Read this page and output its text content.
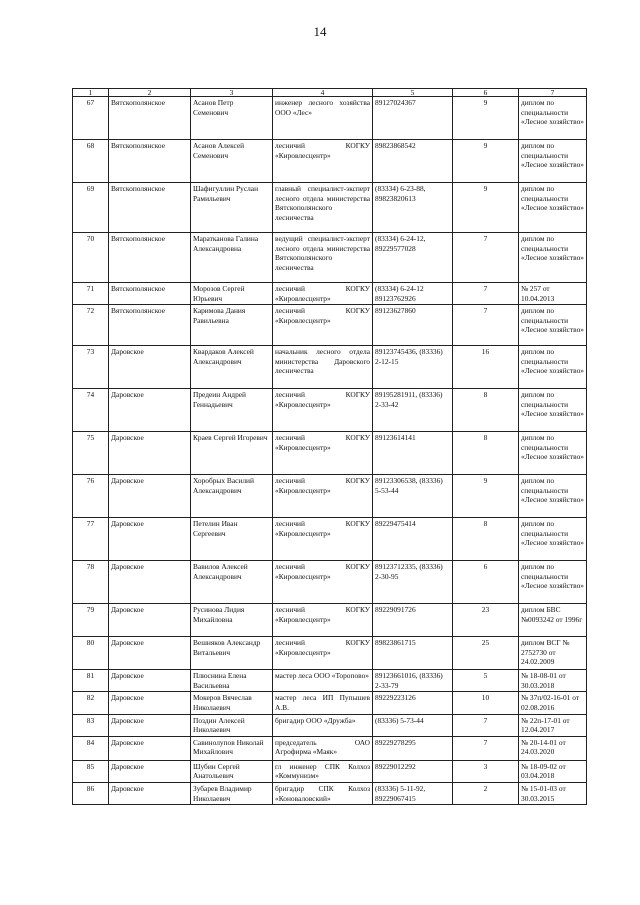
14
1	2	3	4	5	6	7
67	Вятскополянское	Асанов Петр Семенович	инженер лесного хозяйства ООО «Лес»	89127024367	9	диплом по специальности «Лесное хозяйство»
68	Вятскополянское	Асанов Алексей Семенович	лесничий КОГКУ «Кировлесцентр»	89823868542	9	диплом по специальности «Лесное хозяйство»
69	Вятскополянское	Шафигуллин Руслан Рамильевич	главный специалист-эксперт лесного отдела министерства Вятскополянского лесничества	(83334) 6-23-88, 89823820613	9	диплом по специальности «Лесное хозяйство»
70	Вятскополянское	Маратканова Галина Александровна	ведущий специалист-эксперт лесного отдела министерства Вятскополянского лесничества	(83334) 6-24-12, 89229577028	7	диплом по специальности «Лесное хозяйство»
71	Вятскополянское	Морозов Сергей Юрьевич	лесничий КОГКУ «Кировлесцентр»	(83334) 6-24-12 89123762926	7	№ 257 от 10.04.2013
72	Вятскополянское	Каримова Дания Равильевна	лесничий КОГКУ «Кировлесцентр»	89123627860	7	диплом по специальности «Лесное хозяйство»
73	Даровское	Квардаков Алексей Александрович	начальник лесного отдела министерства Даровского лесничества	89123745436, (83336) 2-12-15	16	диплом по специальности «Лесное хозяйство»
74	Даровское	Предеин Андрей Геннадьевич	лесничий КОГКУ «Кировлесцентр»	89195281911, (83336) 2-33-42	8	диплом по специальности «Лесное хозяйство»
75	Даровское	Краев Сергей Игоревич	лесничий КОГКУ «Кировлесцентр»	89123614141	8	диплом по специальности «Лесное хозяйство»
76	Даровское	Хоробрых Василий Александрович	лесничий КОГКУ «Кировлесцентр»	89123306538, (83336) 5-53-44	9	диплом по специальности «Лесное хозяйство»
77	Даровское	Петелин Иван Сергеевич	лесничий КОГКУ «Кировлесцентр»	89229475414	8	диплом по специальности «Лесное хозяйство»
78	Даровское	Вавилов Алексей Александрович	лесничий КОГКУ «Кировлесцентр»	89123712335, (83336) 2-30-95	6	диплом по специальности «Лесное хозяйство»
79	Даровское	Русинова Лидия Михайловна	лесничий КОГКУ «Кировлесцентр»	89229091726	23	диплом БВС №0093242 от 1996г
80	Даровское	Вешняков Александр Витальевич	лесничий КОГКУ «Кировлесцентр»	89823861715	25	диплом ВСГ № 2752730 от 24.02.2009
81	Даровское	Плюснина Елена Васильевна	мастер леса ООО «Торопово»	89123661016, (83336) 2-33-79	5	№ 18-08-01 от 30.03.2018
82	Даровское	Мокеров Вячеслав Николаевич	мастер леса ИП Пупышев А.В.	89229223126	10	№ 37п/02-16-01 от 02.08.2016
83	Даровское	Поздин Алексей Николаевич	бригадир ООО «Дружба»	(83336) 5-73-44	7	№ 22п-17-01 от 12.04.2017
84	Даровское	Савинолупов Николай Михайлович	председатель ОАО Агрофирма «Маяк»	89229278295	7	№ 20-14-01 от 24.03.2020
85	Даровское	Шубин Сергей Анатольевич	гл инженер СПК Колхоз «Коммунизм»	89229012292	3	№ 18-09-02 от 03.04.2018
86	Даровское	Зубарев Владимир Николаевич	бригадир СПК Колхоз «Коноваловский»	(83336) 5-11-92, 89229067415	2	№ 15-01-03 от 30.03.2015
